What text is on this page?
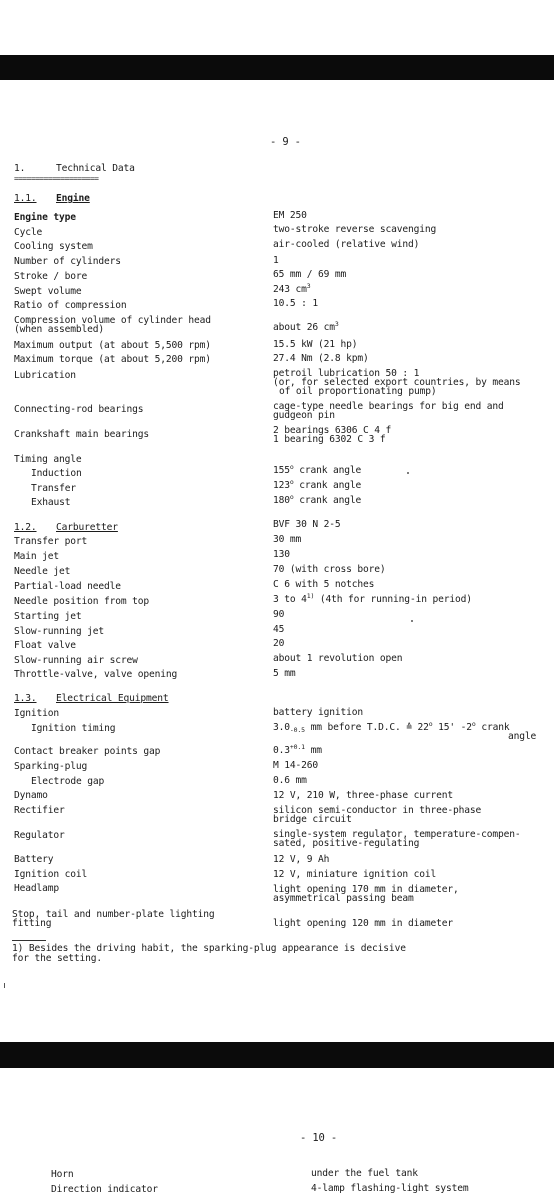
- 9 -
1.	Technical Data
====================
1.1. Engine
Engine type	EM 250
Cycle	two-stroke reverse scavenging
Cooling system	air-cooled (relative wind)
Number of cylinders	1
Stroke / bore	65 mm / 69 mm
Swept volume	243 $cm^3$
Ratio of compression	10.5 : 1
Compression volume of cylinder head
(when assembled)	about 26 $cm^3$
Maximum output (at about 5,500 rpm)	15.5 kW (21 hp)
Maximum torque (at about 5,200 rpm)	27.4 Nm (2.8 kpm)
Lubrication	petroil lubrication 50 : 1
(or, for selected export countries, by means
of oil proportionating pump)
Connecting-rod bearings	cage-type needle bearings for big end and
gudgeon pin
Crankshaft main bearings	2 bearings 6306 C 4 f
1 bearing 6302 C 3 f
Timing angle
Induction	155$^o$ crank angle
Transfer	123$^o$ crank angle
Exhaust	180$^o$ crank angle
1.2. Carburetter	BVF 30 N 2-5
Transfer port	30 mm
Main jet	130
Needle jet	70 (with cross bore)
Partial-load needle	C 6 with 5 notches
Needle position from top	3 to 4$^{1)}$ (4th for running-in period)
Starting jet	90
Slow-running jet	45
Float valve	20
Slow-running air screw	about 1 revolution open
Throttle-valve, valve opening	5 mm
1.3. Electrical Equipment
Ignition	battery ignition
Ignition timing	$3.0_{-0.5}$ mm before T.D.C. ≙ 22$^o$ 15' -2$^o$ crank
angle
Contact breaker points gap	$0.3^{+0.1}$ mm
Sparking-plug	M 14-260
Electrode gap	0.6 mm
Dynamo	12 V, 210 W, three-phase current
Rectifier	silicon semi-conductor in three-phase
bridge circuit
Regulator	single-system regulator, temperature-compen-
sated, positive-regulating
Battery	12 V, 9 Ah
Ignition coil	12 V, miniature ignition coil
Headlamp	light opening 170 mm in diameter,
asymmetrical passing beam
Stop, tail and number-plate lighting
fitting	light opening 120 mm in diameter
1) Besides the driving habit, the sparking-plug appearance is decisive
for the setting.
- 10 -
Horn	under the fuel tank
Direction indicator	4-lamp flashing-light system
